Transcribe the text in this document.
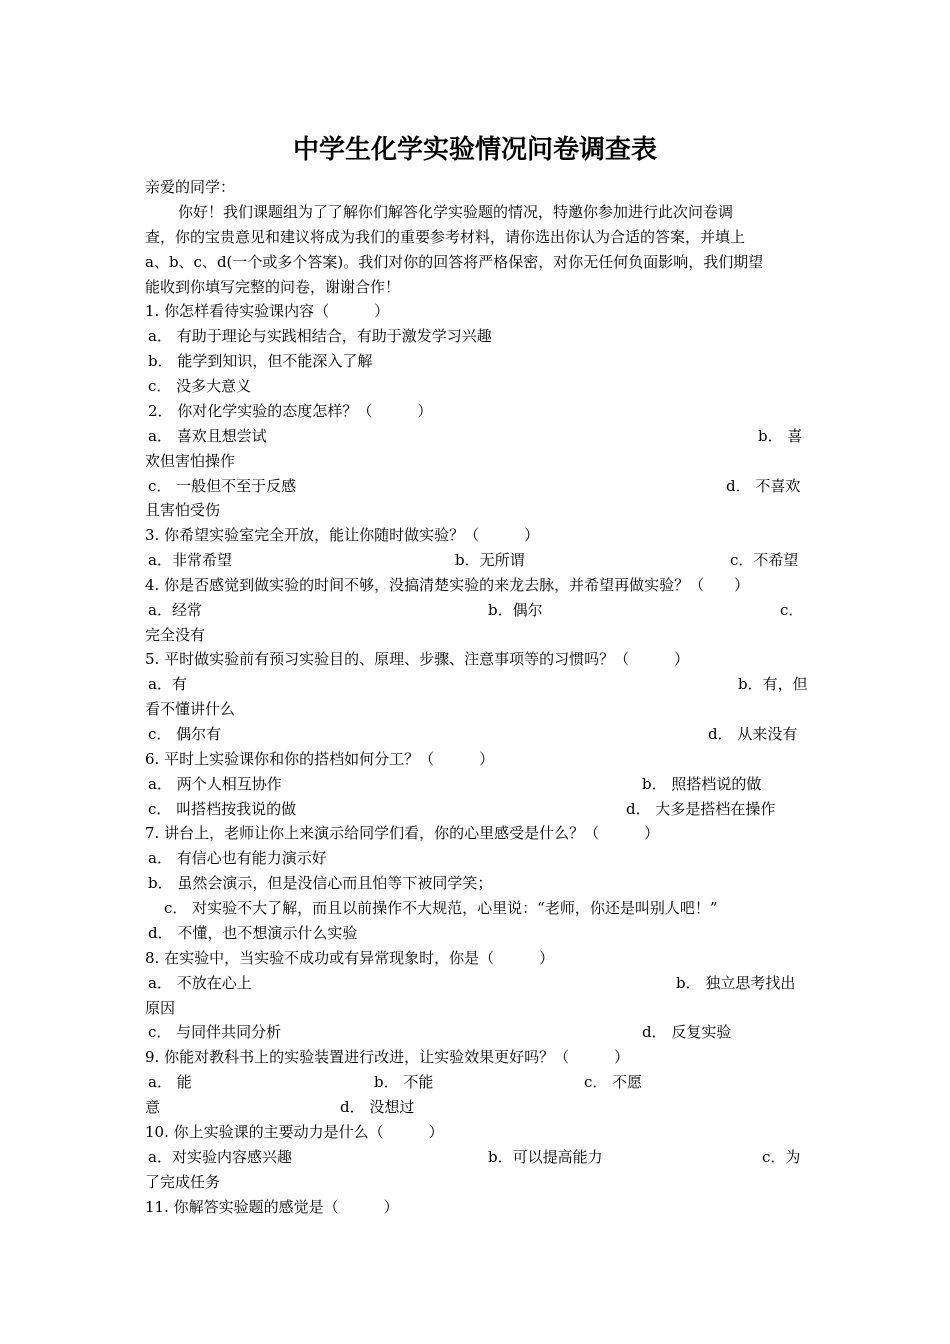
中学生化学实验情况问卷调查表
亲爱的同学：
你好！我们课题组为了了解你们解答化学实验题的情况，特邀你参加进行此次问卷调
查，你的宝贵意见和建议将成为我们的重要参考材料，请你选出你认为合适的答案，并填上
a、b、c、d(一个或多个答案)。我们对你的回答将严格保密，对你无任何负面影响，我们期望
能收到你填写完整的问卷，谢谢合作！
1. 你怎样看待实验课内容（　　　）
a． 有助于理论与实践相结合，有助于激发学习兴趣
b． 能学到知识，但不能深入了解
c． 没多大意义
2． 你对化学实验的态度怎样？（　　　）
a． 喜欢且想尝试	b． 喜
欢但害怕操作
c． 一般但不至于反感	d． 不喜欢
且害怕受伤
3. 你希望实验室完全开放，能让你随时做实验？（　　　）
a．非常希望	b．无所谓	c．不希望
4. 你是否感觉到做实验的时间不够，没搞清楚实验的来龙去脉，并希望再做实验？（　　）
a．经常	b．偶尔	c．
完全没有
5. 平时做实验前有预习实验目的、原理、步骤、注意事项等的习惯吗？（　　　）
a．有	b．有，但
看不懂讲什么
c． 偶尔有	d． 从来没有
6. 平时上实验课你和你的搭档如何分工？（　　　）
a． 两个人相互协作	b． 照搭档说的做
c． 叫搭档按我说的做	d． 大多是搭档在操作
7. 讲台上，老师让你上来演示给同学们看，你的心里感受是什么？（　　　）
a． 有信心也有能力演示好
b． 虽然会演示，但是没信心而且怕等下被同学笑；
c． 对实验不大了解，而且以前操作不大规范，心里说：“老师，你还是叫别人吧！”
d． 不懂，也不想演示什么实验
8. 在实验中，当实验不成功或有异常现象时，你是（　　　）
a． 不放在心上	b． 独立思考找出
原因
c． 与同伴共同分析	d． 反复实验
9. 你能对教科书上的实验装置进行改进，让实验效果更好吗？（　　　）
a． 能	b． 不能	c． 不愿
意	d． 没想过
10. 你上实验课的主要动力是什么（　　　）
a．对实验内容感兴趣	b．可以提高能力	c．为
了完成任务
11. 你解答实验题的感觉是（　　　）
